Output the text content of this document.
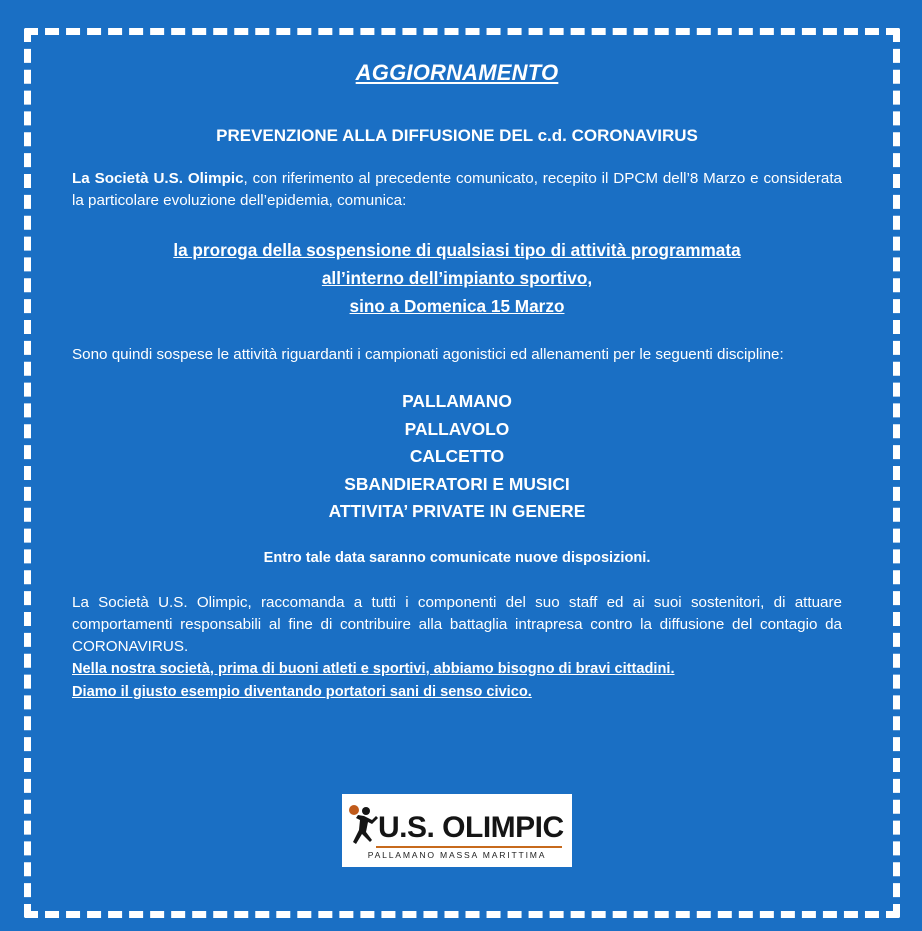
AGGIORNAMENTO
PREVENZIONE ALLA DIFFUSIONE DEL c.d. CORONAVIRUS

La Società U.S. Olimpic, con riferimento al precedente comunicato, recepito il DPCM dell’8 Marzo e considerata la particolare evoluzione dell’epidemia, comunica:

la proroga della sospensione di qualsiasi tipo di attività programmata
all’interno dell’impianto sportivo,
sino a Domenica 15 Marzo

Sono quindi sospese le attività riguardanti i campionati agonistici ed allenamenti per le seguenti discipline:

PALLAMANO
PALLAVOLO
CALCETTO
SBANDIERATORI E MUSICI
ATTIVITA’ PRIVATE IN GENERE
Entro tale data saranno comunicate nuove disposizioni.

La Società U.S. Olimpic, raccomanda a tutti i componenti del suo staff ed ai suoi sostenitori, di attuare comportamenti responsabili al fine di contribuire alla battaglia intrapresa contro la diffusione del contagio da CORONAVIRUS.

Nella nostra società, prima di buoni atleti e sportivi, abbiamo bisogno di bravi cittadini.
Diamo il giusto esempio diventando portatori sani di senso civico.
U.S. OLIMPIC
PALLAMANO MASSA MARITTIMA
